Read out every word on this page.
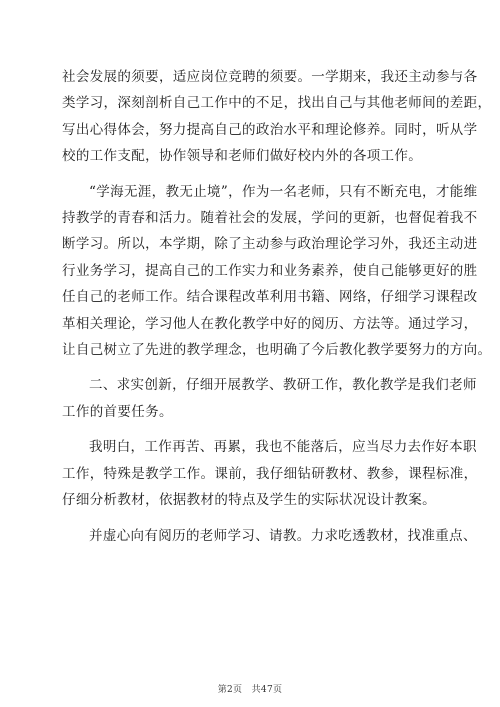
社会发展的须要，适应岗位竞聘的须要。一学期来，我还主动参与各

类学习，深刻剖析自己工作中的不足，找出自己与其他老师间的差距，

写出心得体会，努力提高自己的政治水平和理论修养。同时，听从学

校的工作支配，协作领导和老师们做好校内外的各项工作。

“学海无涯，教无止境”，作为一名老师，只有不断充电，才能维

持教学的青春和活力。随着社会的发展，学问的更新，也督促着我不

断学习。所以，本学期，除了主动参与政治理论学习外，我还主动进

行业务学习，提高自己的工作实力和业务素养，使自己能够更好的胜

任自己的老师工作。结合课程改革利用书籍、网络，仔细学习课程改

革相关理论，学习他人在教化教学中好的阅历、方法等。通过学习，

让自己树立了先进的教学理念，也明确了今后教化教学要努力的方向。

二、求实创新，仔细开展教学、教研工作，教化教学是我们老师

工作的首要任务。

我明白，工作再苦、再累，我也不能落后，应当尽力去作好本职

工作，特殊是教学工作。课前，我仔细钻研教材、教参，课程标准，

仔细分析教材，依据教材的特点及学生的实际状况设计教案。

并虚心向有阅历的老师学习、请教。力求吃透教材，找准重点、

第2页　共47页
